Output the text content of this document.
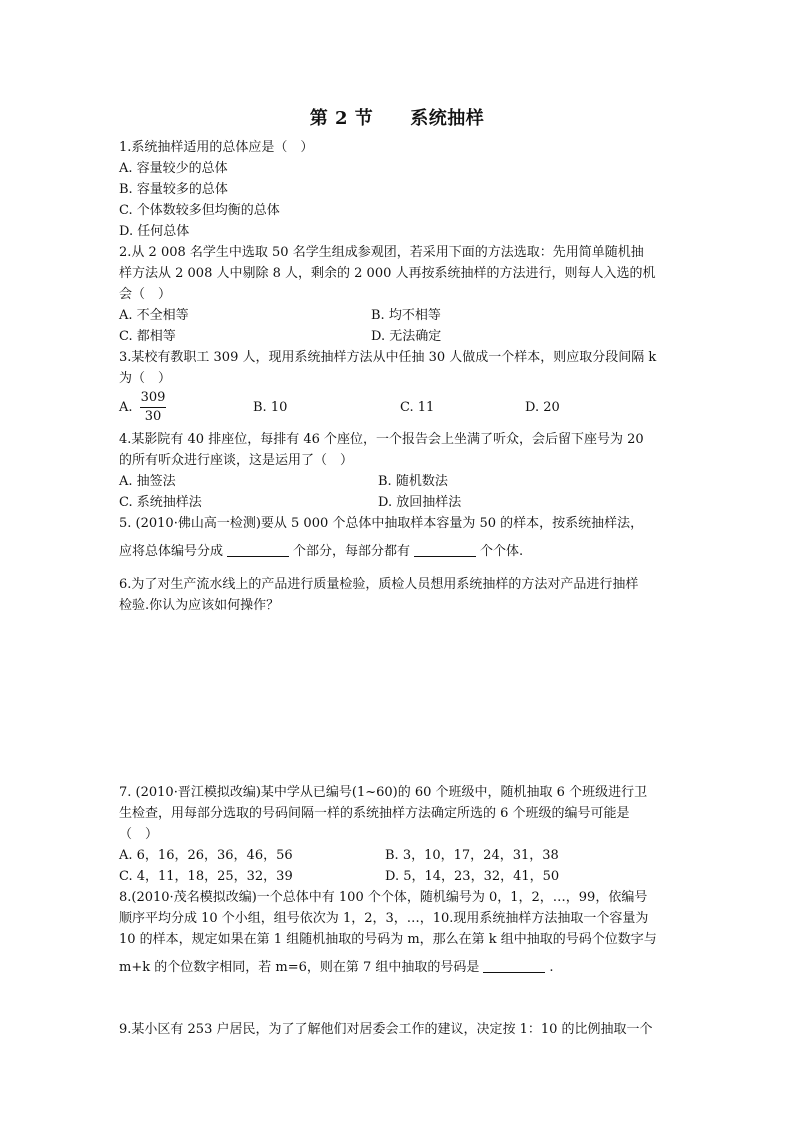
第 2 节　　系统抽样
1.系统抽样适用的总体应是（　）
A. 容量较少的总体
B. 容量较多的总体
C. 个体数较多但均衡的总体
D. 任何总体
2.从 2 008 名学生中选取 50 名学生组成参观团，若采用下面的方法选取：先用简单随机抽
样方法从 2 008 人中剔除 8 人，剩余的 2 000 人再按系统抽样的方法进行，则每人入选的机
会（　）
A. 不全相等	B. 均不相等
C. 都相等	D. 无法确定
3.某校有教职工 309 人，现用系统抽样方法从中任抽 30 人做成一个样本，则应取分段间隔 k
为（　）
A.
309
30
B. 10	C. 11	D. 20
4.某影院有 40 排座位，每排有 46 个座位，一个报告会上坐满了听众，会后留下座号为 20
的所有听众进行座谈，这是运用了（　）
A. 抽签法	B. 随机数法
C. 系统抽样法	D. 放回抽样法
5. (2010·佛山高一检测)要从 5 000 个总体中抽取样本容量为 50 的样本，按系统抽样法，
应将总体编号分成	个部分，每部分都有	个个体.
6.为了对生产流水线上的产品进行质量检验，质检人员想用系统抽样的方法对产品进行抽样
检验.你认为应该如何操作？
7. (2010·晋江模拟改编)某中学从已编号(1~60)的 60 个班级中，随机抽取 6 个班级进行卫
生检查，用每部分选取的号码间隔一样的系统抽样方法确定所选的 6 个班级的编号可能是
（　）
A. 6，16，26，36，46，56	B. 3，10，17，24，31，38
C. 4，11，18，25，32，39	D. 5，14，23，32，41，50
8.(2010·茂名模拟改编)一个总体中有 100 个个体，随机编号为 0，1，2，…，99，依编号
顺序平均分成 10 个小组，组号依次为 1，2，3，…，10.现用系统抽样方法抽取一个容量为
10 的样本，规定如果在第 1 组随机抽取的号码为 m，那么在第 k 组中抽取的号码个位数字与
m+k 的个位数字相同，若 m=6，则在第 7 组中抽取的号码是	.
9.某小区有 253 户居民，为了了解他们对居委会工作的建议，决定按 1：10 的比例抽取一个
